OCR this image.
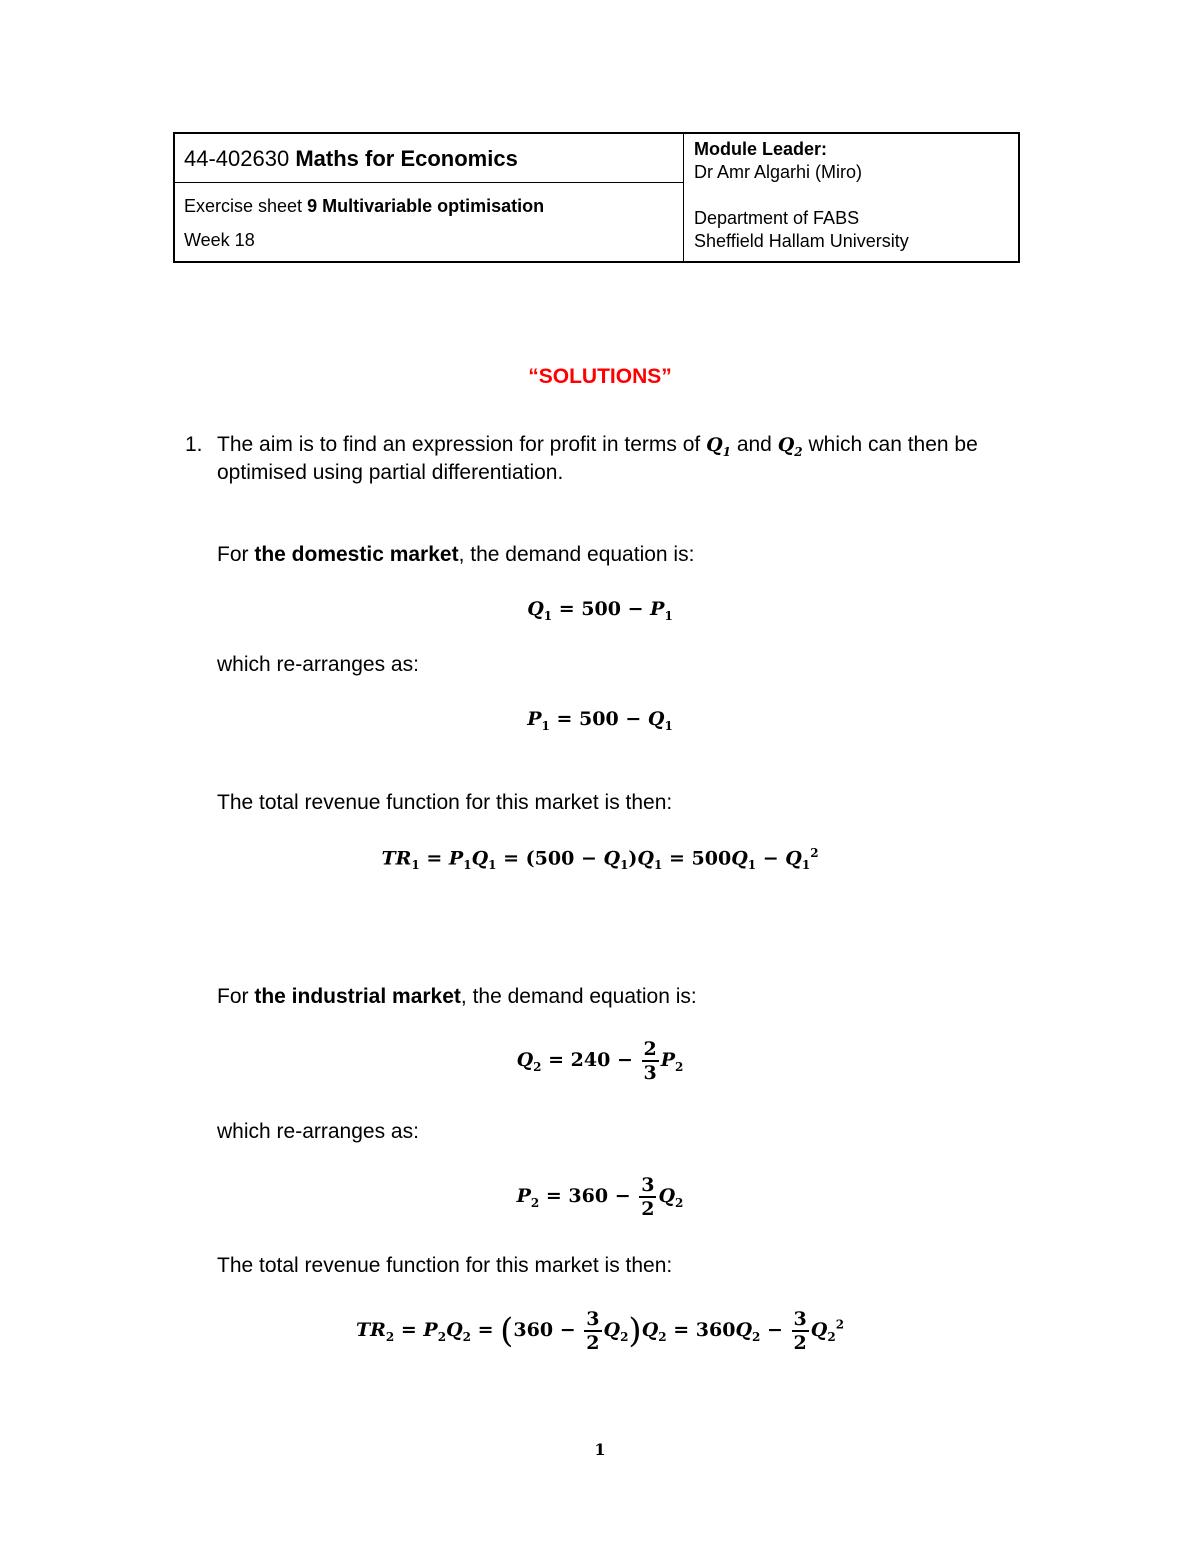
44-402630 Maths for Economics
Exercise sheet 9 Multivariable optimisation
Week 18
Module Leader:
Dr Amr Algarhi (Miro)
Department of FABS
Sheffield Hallam University
“SOLUTIONS”
1. The aim is to find an expression for profit in terms of $Q_1$ and $Q_2$ which can then be
optimised using partial differentiation.
For the domestic market, the demand equation is:
$Q_1 = 500 - P_1$
which re-arranges as:
$P_1 = 500 - Q_1$
The total revenue function for this market is then:
$TR_1 = P_1Q_1 = (500 - Q_1)Q_1 = 500Q_1 - Q_1^2$
For the industrial market, the demand equation is:
$Q_2 = 240 - \frac{2}{3} P_2$
which re-arranges as:
$P_2 = 360 - \frac{3}{2} Q_2$
The total revenue function for this market is then:
$TR_2 = P_2Q_2 = (360 - \frac{3}{2} Q_2)Q_2 = 360Q_2 - \frac{3}{2} Q_2^2$
1
